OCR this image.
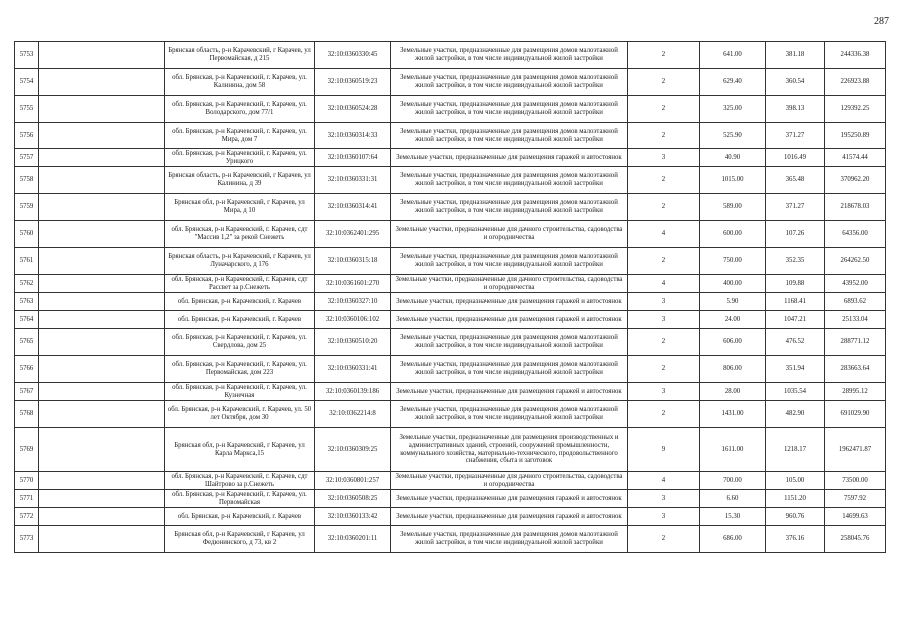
287
5753		Брянская область, р-н Карачевский, г Карачев, ул Первомайская, д 215	32:10:0360330:45	Земельные участки, предназначенные для размещения домов малоэтажной жилой застройки, в том числе индивидуальной жилой застройки	2	641.00	381.18	244336.38
5754		обл. Брянская, р-н Карачевский, г. Карачев, ул. Калинина, дом 58	32:10:0360519:23	Земельные участки, предназначенные для размещения домов малоэтажной жилой застройки, в том числе индивидуальной жилой застройки	2	629.40	360.54	226923.88
5755		обл. Брянская, р-н Карачевский, г. Карачев, ул. Володарского, дом 77/1	32:10:0360524:28	Земельные участки, предназначенные для размещения домов малоэтажной жилой застройки, в том числе индивидуальной жилой застройки	2	325.00	398.13	129392.25
5756		обл. Брянская, р-н Карачевский, г. Карачев, ул. Мира, дом 7	32:10:0360314:33	Земельные участки, предназначенные для размещения домов малоэтажной жилой застройки, в том числе индивидуальной жилой застройки	2	525.90	371.27	195250.89
5757		обл. Брянская, р-н Карачевский, г. Карачев, ул. Урицкого	32:10:0360107:64	Земельные участки, предназначенные для размещения гаражей и автостоянок	3	40.90	1016.49	41574.44
5758		Брянская область, р-н Карачевский, г Карачев, ул Калинина, д 39	32:10:0360331:31	Земельные участки, предназначенные для размещения домов малоэтажной жилой застройки, в том числе индивидуальной жилой застройки	2	1015.00	365.48	370962.20
5759		Брянская обл, р-н Карачевский, г Карачев, ул Мира, д 10	32:10:0360314:41	Земельные участки, предназначенные для размещения домов малоэтажной жилой застройки, в том числе индивидуальной жилой застройки	2	589.00	371.27	218678.03
5760		обл. Брянская, р-н Карачевский, г. Карачев, сдт "Массив 1,2" за рекой Снежеть	32:10:0362401:295	Земельные участки, предназначенные для дачного строительства, садоводства и огородничества	4	600.00	107.26	64356.00
5761		Брянская область, р-н Карачевский, г Карачев, ул Луначарского, д 176	32:10:0360315:18	Земельные участки, предназначенные для размещения домов малоэтажной жилой застройки, в том числе индивидуальной жилой застройки	2	750.00	352.35	264262.50
5762		обл. Брянская, р-н Карачевский, г. Карачев, сдт Рассвет за р.Снежеть	32:10:0361601:270	Земельные участки, предназначенные для дачного строительства, садоводства и огородничества	4	400.00	109.88	43952.00
5763		обл. Брянская, р-н Карачевский, г. Карачев	32:10:0360327:10	Земельные участки, предназначенные для размещения гаражей и автостоянок	3	5.90	1168.41	6893.62
5764		обл. Брянская, р-н Карачевский, г. Карачев	32:10:0360106:102	Земельные участки, предназначенные для размещения гаражей и автостоянок	3	24.00	1047.21	25133.04
5765		обл. Брянская, р-н Карачевский, г. Карачев, ул. Свердлова, дом 25	32:10:0360510:20	Земельные участки, предназначенные для размещения домов малоэтажной жилой застройки, в том числе индивидуальной жилой застройки	2	606.00	476.52	288771.12
5766		обл. Брянская, р-н Карачевский, г. Карачев, ул. Первомайская, дом 223	32:10:0360331:41	Земельные участки, предназначенные для размещения домов малоэтажной жилой застройки, в том числе индивидуальной жилой застройки	2	806.00	351.94	283663.64
5767		обл. Брянская, р-н Карачевский, г. Карачев, ул. Кузнечная	32:10:0360139:186	Земельные участки, предназначенные для размещения гаражей и автостоянок	3	28.00	1035.54	28995.12
5768		обл. Брянская, р-н Карачевский, г. Карачев, ул. 50 лет Октября, дом 30	32:10:0362214:8	Земельные участки, предназначенные для размещения домов малоэтажной жилой застройки, в том числе индивидуальной жилой застройки	2	1431.00	482.90	691029.90
5769		Брянская обл, р-н Карачевский, г Карачев, ул Карла Маркса,15	32:10:0360309:25	Земельные участки, предназначенные для размещения производственных и административных зданий, строений, сооружений промышленности, коммунального хозяйства, материально-технического, продовольственного снабжения, сбыта и заготовок	9	1611.00	1218.17	1962471.87
5770		обл. Брянская, р-н Карачевский, г. Карачев, сдт Шайтрово за р.Снежеть	32:10:0360801:257	Земельные участки, предназначенные для дачного строительства, садоводства и огородничества	4	700.00	105.00	73500.00
5771		обл. Брянская, р-н Карачевский, г. Карачев, ул. Первомайская	32:10:0360508:25	Земельные участки, предназначенные для размещения гаражей и автостоянок	3	6.60	1151.20	7597.92
5772		обл. Брянская, р-н Карачевский, г. Карачев	32:10:0360133:42	Земельные участки, предназначенные для размещения гаражей и автостоянок	3	15.30	960.76	14699.63
5773		Брянская обл, р-н Карачевский, г Карачев, ул Федюнинского, д 73, кв 2	32:10:0360201:11	Земельные участки, предназначенные для размещения домов малоэтажной жилой застройки, в том числе индивидуальной жилой застройки	2	686.00	376.16	258045.76
